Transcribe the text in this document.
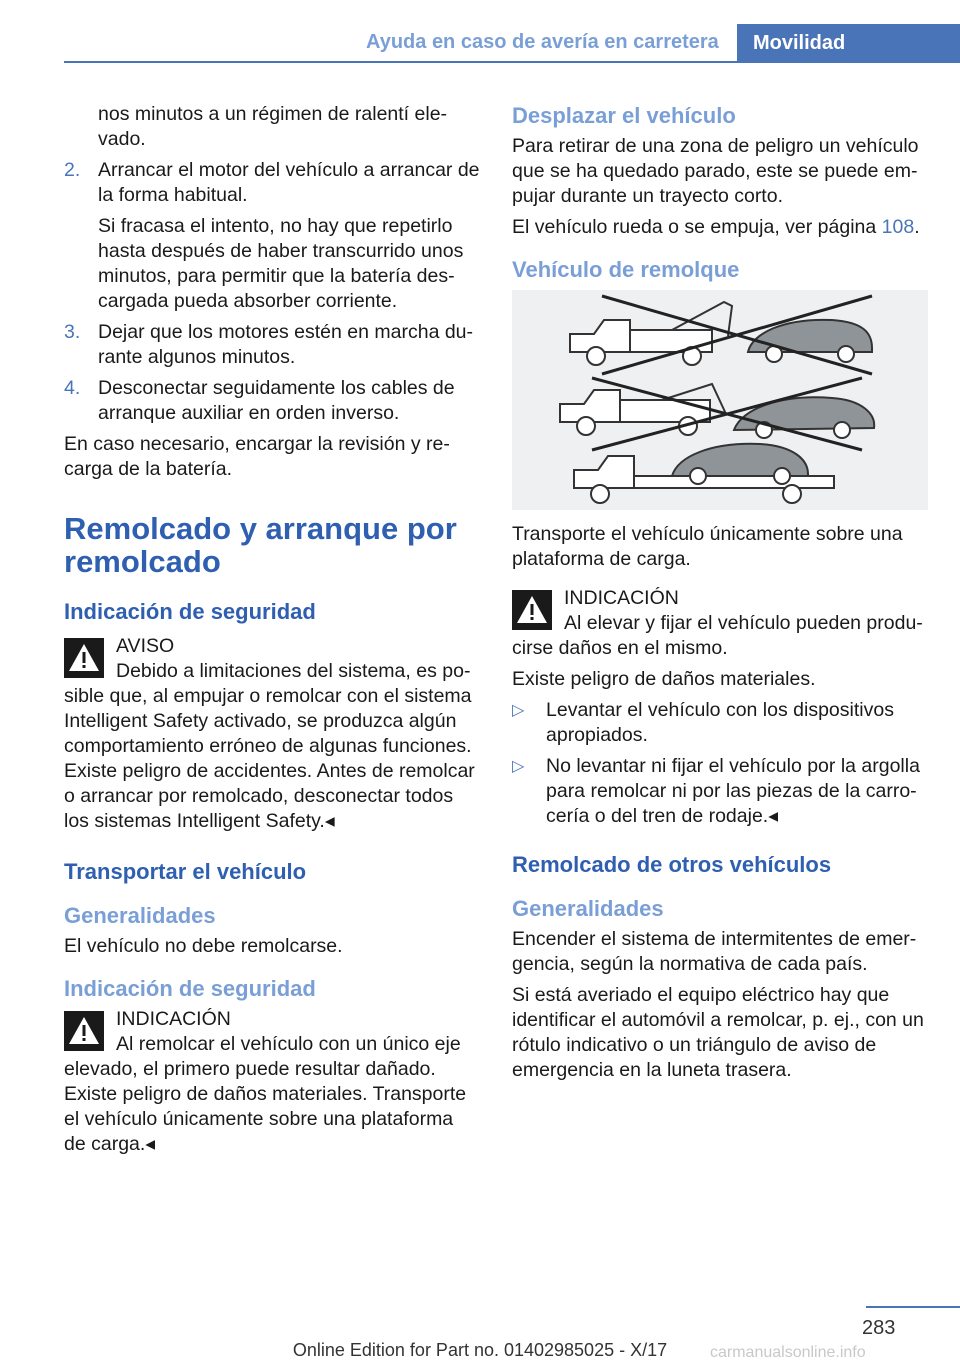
Ayuda en caso de avería en carretera Movilidad
nos minutos a un régimen de ralentí elevado.
2. Arrancar el motor del vehículo a arrancar de la forma habitual.
Si fracasa el intento, no hay que repetirlo hasta después de haber transcurrido unos minutos, para permitir que la batería descargada pueda absorber corriente.
3. Dejar que los motores estén en marcha durante algunos minutos.
4. Desconectar seguidamente los cables de arranque auxiliar en orden inverso.

En caso necesario, encargar la revisión y recarga de la batería.

Remolcado y arranque por remolcado
Indicación de seguridad
AVISO
Debido a limitaciones del sistema, es posible que, al empujar o remolcar con el sistema Intelligent Safety activado, se produzca algún comportamiento erróneo de algunas funciones. Existe peligro de accidentes. Antes de remolcar o arrancar por remolcado, desconectar todos los sistemas Intelligent Safety.◂
Transportar el vehículo
Generalidades

El vehículo no debe remolcarse.

Indicación de seguridad
INDICACIÓN
Al remolcar el vehículo con un único eje elevado, el primero puede resultar dañado. Existe peligro de daños materiales. Transporte el vehículo únicamente sobre una plataforma de carga.◂
Desplazar el vehículo

Para retirar de una zona de peligro un vehículo que se ha quedado parado, este se puede empujar durante un trayecto corto.

El vehículo rueda o se empuja, ver página 108.

Vehículo de remolque

Transporte el vehículo únicamente sobre una plataforma de carga.

INDICACIÓN
Al elevar y fijar el vehículo pueden producirse daños en el mismo.

Existe peligro de daños materiales.

▷ Levantar el vehículo con los dispositivos apropiados.
▷ No levantar ni fijar el vehículo por la argolla para remolcar ni por las piezas de la carrocería o del tren de rodaje.◂
Remolcado de otros vehículos
Generalidades

Encender el sistema de intermitentes de emergencia, según la normativa de cada país.

Si está averiado el equipo eléctrico hay que identificar el automóvil a remolcar, p. ej., con un rótulo indicativo o un triángulo de aviso de emergencia en la luneta trasera.

283
Online Edition for Part no. 01402985025 - X/17	carmanualsonline.info
